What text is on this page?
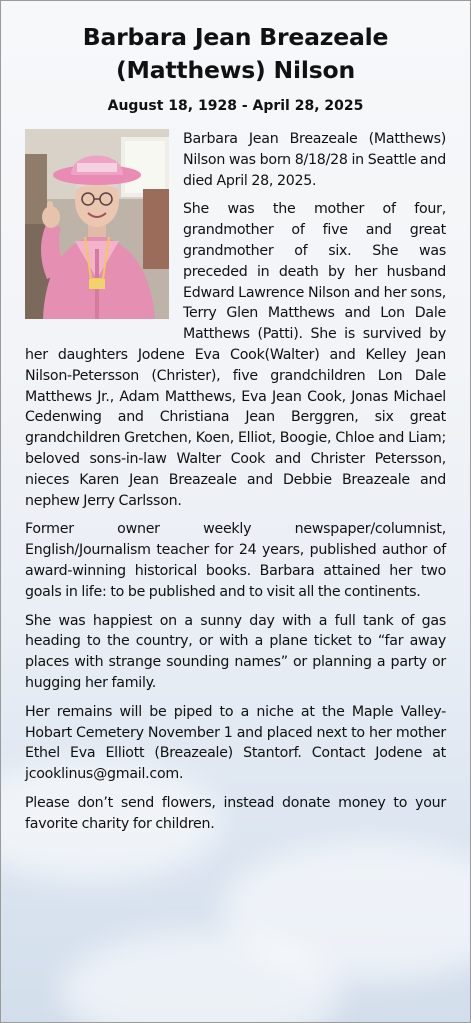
Barbara Jean Breazeale
(Matthews) Nilson
August 18, 1928 - April 28, 2025

Barbara Jean Breazeale (Matthews) Nilson was born 8/18/28 in Seattle and died April 28, 2025.

She was the mother of four, grandmother of five and great grandmother of six. She was preceded in death by her husband Edward Lawrence Nilson and her sons, Terry Glen Matthews and Lon Dale Matthews (Patti). She is survived by her daughters Jodene Eva Cook(Walter) and Kelley Jean Nilson-Petersson (Christer), five grandchildren Lon Dale Matthews Jr., Adam Matthews, Eva Jean Cook, Jonas Michael Cedenwing and Christiana Jean Berggren, six great grandchildren Gretchen, Koen, Elliot, Boogie, Chloe and Liam; beloved sons-in-law Walter Cook and Christer Petersson, nieces Karen Jean Breazeale and Debbie Breazeale and nephew Jerry Carlsson.

Former owner weekly newspaper/columnist, English/Journalism teacher for 24 years, published author of award-winning historical books. Barbara attained her two goals in life: to be published and to visit all the continents.

She was happiest on a sunny day with a full tank of gas heading to the country, or with a plane ticket to “far away places with strange sounding names” or planning a party or hugging her family.

Her remains will be piped to a niche at the Maple Valley-Hobart Cemetery November 1 and placed next to her mother Ethel Eva Elliott (Breazeale) Stantorf. Contact Jodene at jcooklinus@gmail.com.

Please don’t send flowers, instead donate money to your favorite charity for children.
